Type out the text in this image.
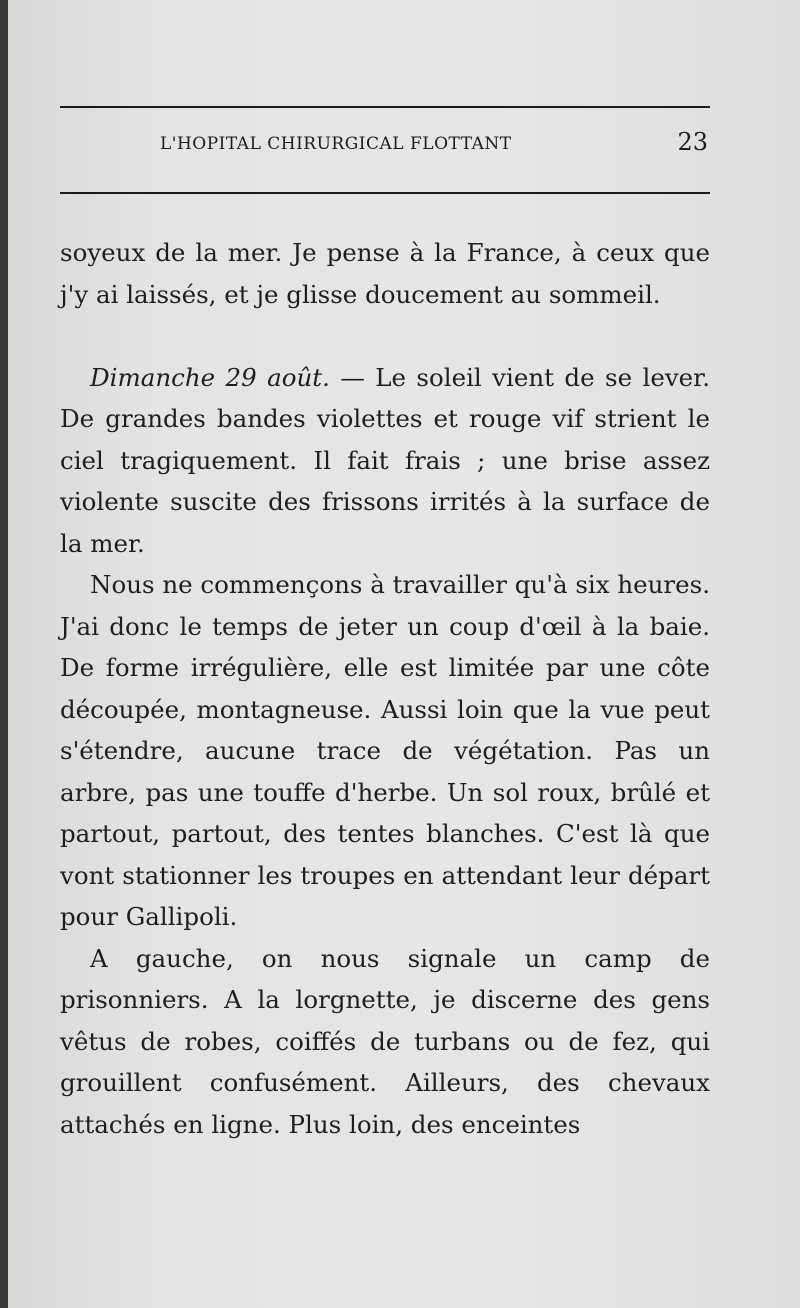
L'HOPITAL CHIRURGICAL FLOTTANT	23

soyeux de la mer. Je pense à la France, à ceux que j'y ai laissés, et je glisse doucement au sommeil.

Dimanche 29 août. — Le soleil vient de se lever. De grandes bandes violettes et rouge vif strient le ciel tragiquement. Il fait frais ; une brise assez violente suscite des frissons irrités à la surface de la mer.

Nous ne commençons à travailler qu'à six heures. J'ai donc le temps de jeter un coup d'œil à la baie. De forme irrégulière, elle est limitée par une côte découpée, montagneuse. Aussi loin que la vue peut s'étendre, aucune trace de végétation. Pas un arbre, pas une touffe d'herbe. Un sol roux, brûlé et partout, partout, des tentes blanches. C'est là que vont stationner les troupes en attendant leur départ pour Gallipoli.

A gauche, on nous signale un camp de prisonniers. A la lorgnette, je discerne des gens vêtus de robes, coiffés de turbans ou de fez, qui grouillent confusément. Ailleurs, des chevaux attachés en ligne. Plus loin, des enceintes
